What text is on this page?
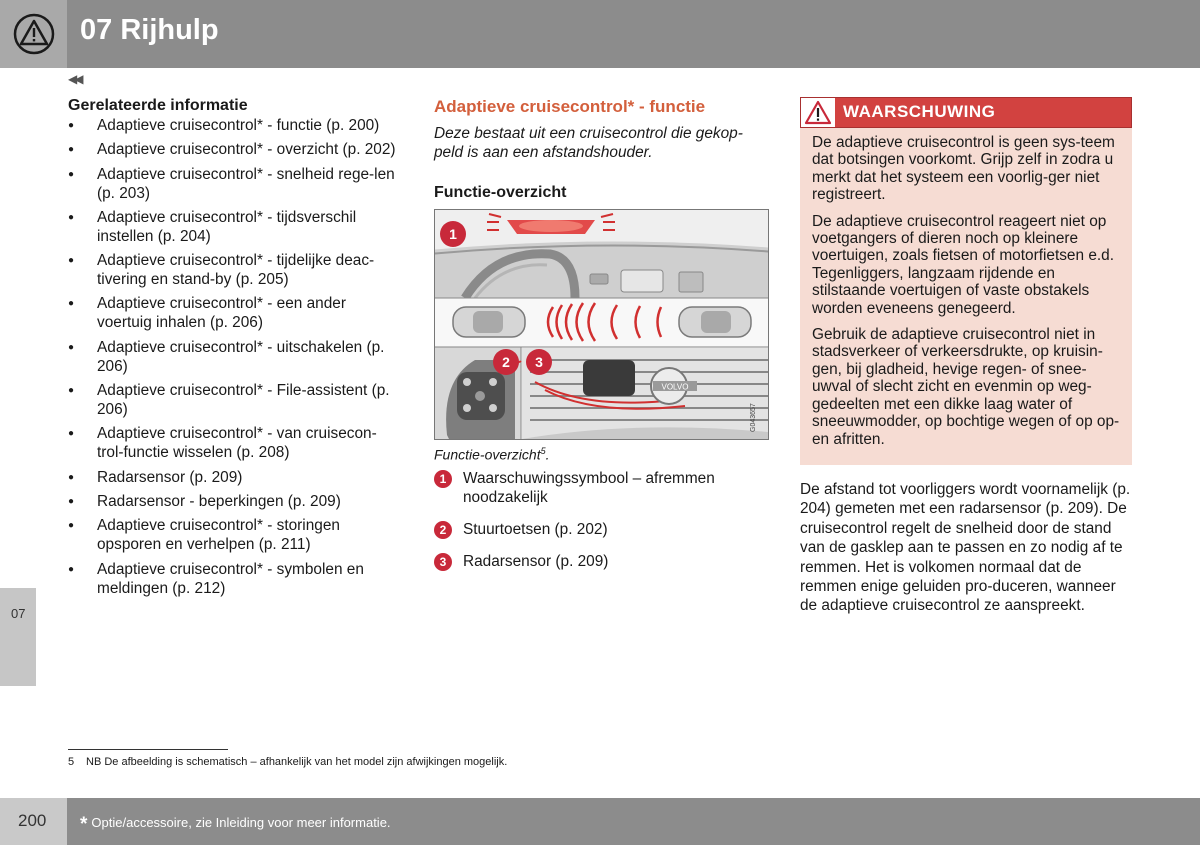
07 Rijhulp
◀◀
07
Gerelateerde informatie
● Adaptieve cruisecontrol* - functie (p. 200)
● Adaptieve cruisecontrol* - overzicht (p. 202)
● Adaptieve cruisecontrol* - snelheid rege-len (p. 203)
● Adaptieve cruisecontrol* - tijdsverschil instellen (p. 204)
● Adaptieve cruisecontrol* - tijdelijke deac-tivering en stand-by (p. 205)
● Adaptieve cruisecontrol* - een ander voertuig inhalen (p. 206)
● Adaptieve cruisecontrol* - uitschakelen (p. 206)
● Adaptieve cruisecontrol* - File-assistent (p. 206)
● Adaptieve cruisecontrol* - van cruisecon-trol-functie wisselen (p. 208)
● Radarsensor (p. 209)
● Radarsensor - beperkingen (p. 209)
● Adaptieve cruisecontrol* - storingen opsporen en verhelpen (p. 211)
● Adaptieve cruisecontrol* - symbolen en meldingen (p. 212)
Adaptieve cruisecontrol* - functie

Deze bestaat uit een cruisecontrol die gekop-peld is aan een afstandshouder.

Functie-overzicht
VOLVO
G043657
1
2 3
Functie-overzicht$^5$.
1	Waarschuwingssymbool – afremmen noodzakelijk
2	Stuurtoetsen (p. 202)
3	Radarsensor (p. 209)
WAARSCHUWING

De adaptieve cruisecontrol is geen sys-teem dat botsingen voorkomt. Grijp zelf in zodra u merkt dat het systeem een voorlig-ger niet registreert.

De adaptieve cruisecontrol reageert niet op voetgangers of dieren noch op kleinere voertuigen, zoals fietsen of motorfietsen e.d. Tegenliggers, langzaam rijdende en stilstaande voertuigen of vaste obstakels worden eveneens genegeerd.

Gebruik de adaptieve cruisecontrol niet in stadsverkeer of verkeersdrukte, op kruisin-gen, bij gladheid, hevige regen- of snee-uwval of slecht zicht en evenmin op weg-gedeelten met een dikke laag water of sneeuwmodder, op bochtige wegen of op op- en afritten.

De afstand tot voorliggers wordt voornamelijk (p. 204) gemeten met een radarsensor (p. 209). De cruisecontrol regelt de snelheid door de stand van de gasklep aan te passen en zo nodig af te remmen. Het is volkomen normaal dat de remmen enige geluiden pro-duceren, wanneer de adaptieve cruisecontrol ze aanspreekt.
5 NB De afbeelding is schematisch – afhankelijk van het model zijn afwijkingen mogelijk.
200 * Optie/accessoire, zie Inleiding voor meer informatie.
